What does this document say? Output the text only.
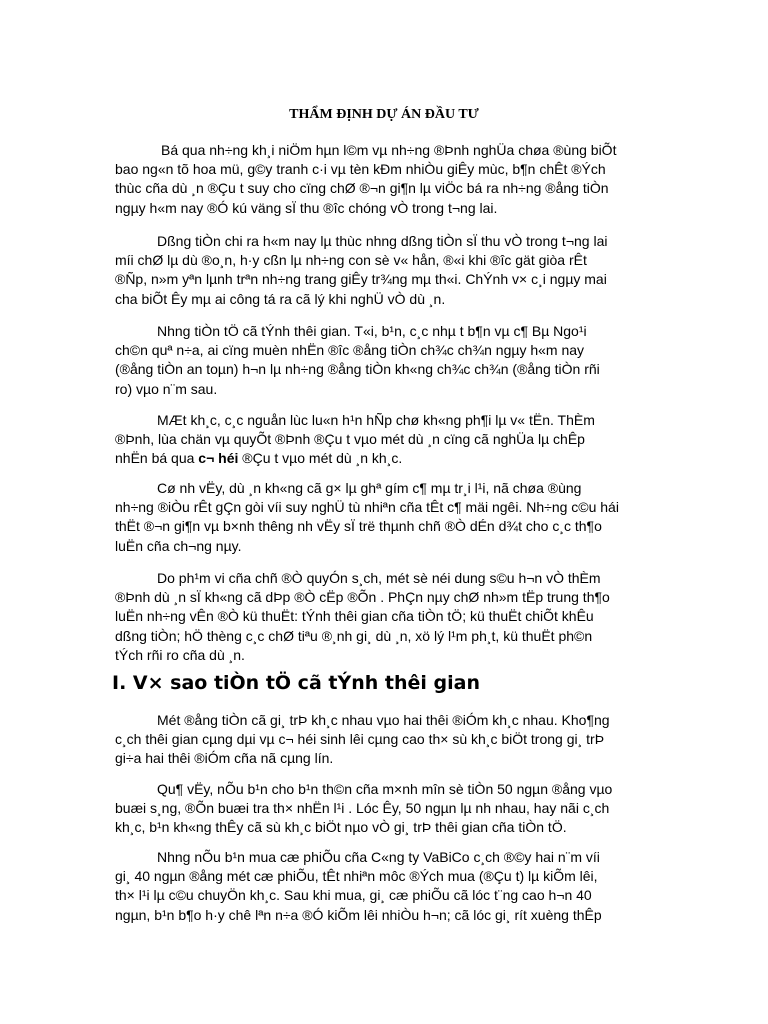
THẨM ĐỊNH DỰ ÁN ĐẦU TƯ
Bá qua nh÷ng kh¸i niÖm hµn l©m vµ nh÷ng ®Þnh nghÜa chøa ®ùng biÕt
bao ng«n tõ hoa mü, g©y tranh c·i vµ tèn kÐm nhiÒu giÊy mùc, b¶n chÊt ®Ých
thùc cña dù ¸n ®Çu t suy cho cïng chØ ®¬n gi¶n lµ viÖc bá ra nh÷ng ®ång tiÒn
ngµy h«m nay ®Ó kú väng sÏ thu ®îc chóng vÒ trong t¬ng lai.
Dßng tiÒn chi ra h«m nay lµ thùc nhng dßng tiÒn sÏ thu vÒ trong t¬ng lai
míi chØ lµ dù ®o¸n, h·y cßn lµ nh÷ng con sè v« hån, ®«i khi ®îc gät giòa rÊt
®Ñp, n»m yªn lµnh trªn nh÷ng trang giÊy tr¾ng mµ th«i. ChÝnh v× c¸i ngµy mai
cha biÕt Êy mµ ai công tá ra cã lý khi nghÜ vÒ dù ¸n.
Nhng tiÒn tÖ cã tÝnh thêi gian. T«i, b¹n, c¸c nhµ t b¶n vµ c¶ Bµ Ngo¹i
ch©n quª n÷a, ai cïng muèn nhËn ®îc ®ång tiÒn ch¾c ch¾n ngµy h«m nay
(®ång tiÒn an toµn) h¬n lµ nh÷ng ®ång tiÒn kh«ng ch¾c ch¾n (®ång tiÒn rñi
ro) vµo n¨m sau.
MÆt kh¸c, c¸c nguån lùc lu«n h¹n hÑp chø kh«ng ph¶i lµ v« tËn. ThÈm
®Þnh, lùa chän vµ quyÕt ®Þnh ®Çu t vµo mét dù ¸n cïng cã nghÜa lµ chÊp
nhËn bá qua c¬ héi ®Çu t vµo mét dù ¸n kh¸c.
Cø nh vËy, dù ¸n kh«ng cã g× lµ ghª gím c¶ mµ tr¸i l¹i, nã chøa ®ùng
nh÷ng ®iÒu rÊt gÇn gòi víi suy nghÜ tù nhiªn cña tÊt c¶ mäi ngêi. Nh÷ng c©u hái
thËt ®¬n gi¶n vµ b×nh thêng nh vËy sÏ trë thµnh chñ ®Ò dÉn d¾t cho c¸c th¶o
luËn cña ch¬ng nµy.
Do ph¹m vi cña chñ ®Ò quyÓn s¸ch, mét sè néi dung s©u h¬n vÒ thÈm
®Þnh dù ¸n sÏ kh«ng cã dÞp ®Ò cËp ®Õn . PhÇn nµy chØ nh»m tËp trung th¶o
luËn nh÷ng vÊn ®Ò kü thuËt: tÝnh thêi gian cña tiÒn tÖ; kü thuËt chiÕt khÊu
dßng tiÒn; hÖ thèng c¸c chØ tiªu ®¸nh gi¸ dù ¸n, xö lý l¹m ph¸t, kü thuËt ph©n
tÝch rñi ro cña dù ¸n.
I. V× sao tiÒn tÖ cã tÝnh thêi gian
Mét ®ång tiÒn cã gi¸ trÞ kh¸c nhau vµo hai thêi ®iÓm kh¸c nhau. Kho¶ng
c¸ch thêi gian cµng dµi vµ c¬ héi sinh lêi cµng cao th× sù kh¸c biÖt trong gi¸ trÞ
gi÷a hai thêi ®iÓm cña nã cµng lín.
Qu¶ vËy, nÕu b¹n cho b¹n th©n cña m×nh mîn sè tiÒn 50 ngµn ®ång vµo
buæi s¸ng, ®Õn buæi tra th× nhËn l¹i . Lóc Êy, 50 ngµn lµ nh nhau, hay nãi c¸ch
kh¸c, b¹n kh«ng thÊy cã sù kh¸c biÖt nµo vÒ gi¸ trÞ thêi gian cña tiÒn tÖ.
Nhng nÕu b¹n mua cæ phiÕu cña C«ng ty VaBiCo c¸ch ®©y hai n¨m víi
gi¸ 40 ngµn ®ång mét cæ phiÕu, tÊt nhiªn môc ®Ých mua (®Çu t) lµ kiÕm lêi,
th× l¹i lµ c©u chuyÖn kh¸c. Sau khi mua, gi¸ cæ phiÕu cã lóc t¨ng cao h¬n 40
ngµn, b¹n b¶o h·y chê lªn n÷a ®Ó kiÕm lêi nhiÒu h¬n; cã lóc gi¸ rít xuèng thÊp
